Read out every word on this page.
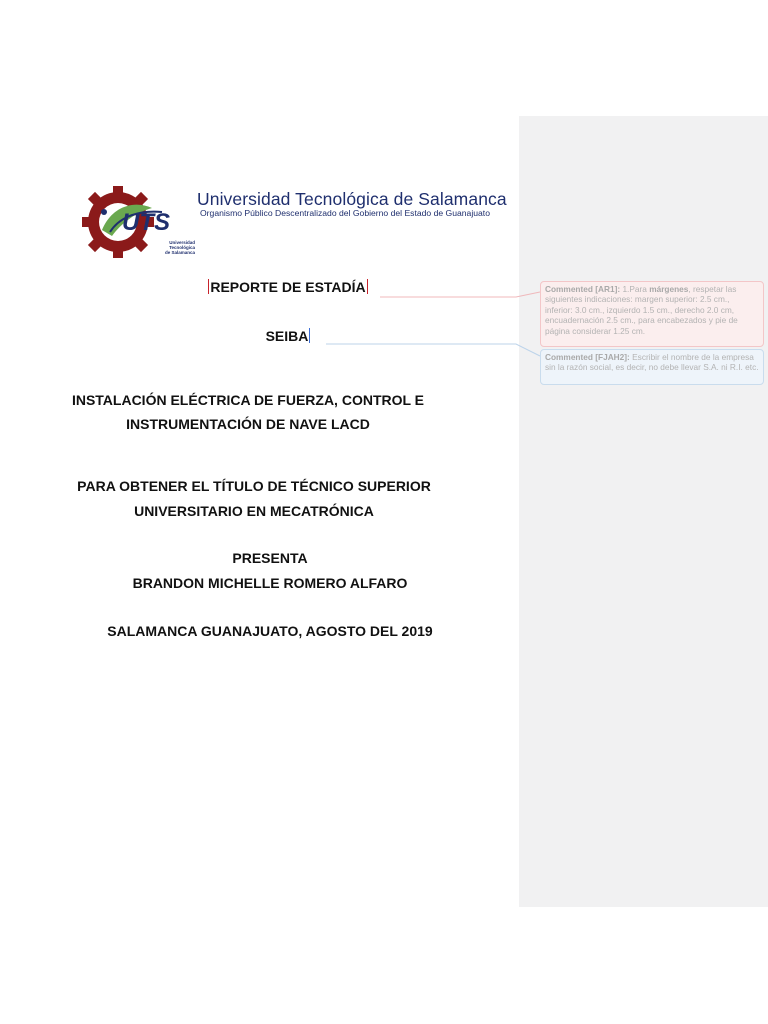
UTS
Universidad Tecnológica
de Salamanca
Universidad Tecnológica de Salamanca
Organismo Público Descentralizado del Gobierno del Estado de Guanajuato
REPORTE DE ESTADÍA
SEIBA
INSTALACIÓN ELÉCTRICA DE FUERZA, CONTROL E
INSTRUMENTACIÓN DE NAVE LACD
PARA OBTENER EL TÍTULO DE TÉCNICO SUPERIOR
UNIVERSITARIO EN MECATRÓNICA
PRESENTA
BRANDON MICHELLE ROMERO ALFARO
SALAMANCA GUANAJUATO, AGOSTO DEL 2019
Commented [AR1]: 1.Para márgenes, respetar las siguientes indicaciones: margen superior: 2.5 cm., inferior: 3.0 cm., izquierdo 1.5 cm., derecho 2.0 cm, encuadernación 2.5 cm., para encabezados y pie de página considerar 1.25 cm.
Commented [FJAH2]: Escribir el nombre de la empresa sin la razón social, es decir, no debe llevar S.A. ni R.I. etc.
